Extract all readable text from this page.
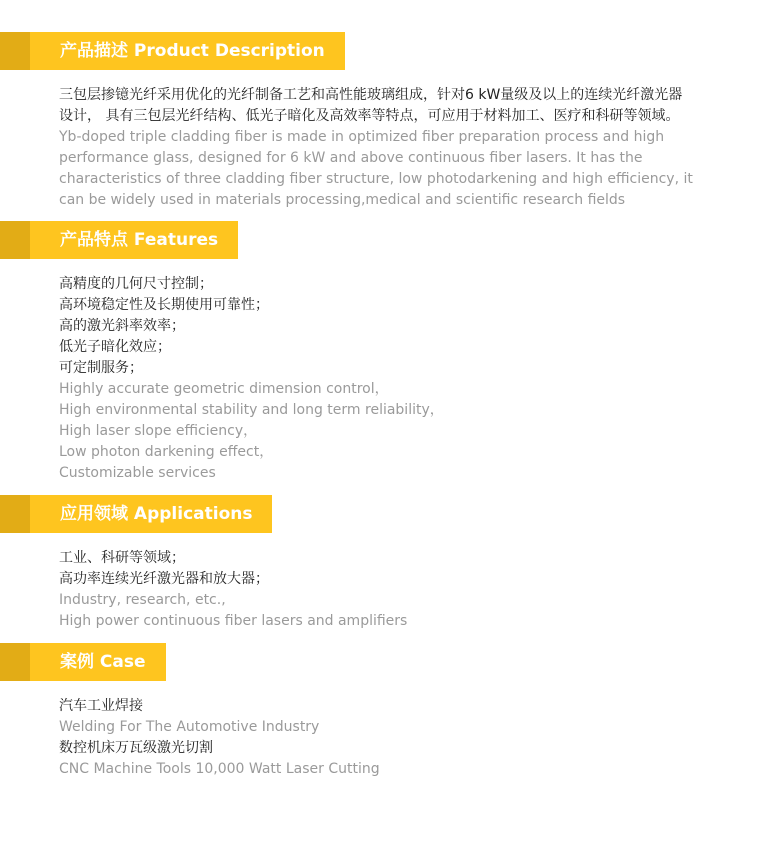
产品描述 Product Description
三包层掺镱光纤采用优化的光纤制备工艺和高性能玻璃组成，针对6 kW量级及以上的连续光纤激光器
设计， 具有三包层光纤结构、低光子暗化及高效率等特点，可应用于材料加工、医疗和科研等领域。
Yb-doped triple cladding fiber is made in optimized fiber preparation process and high
performance glass, designed for 6 kW and above continuous fiber lasers. It has the
characteristics of three cladding fiber structure, low photodarkening and high efficiency, it
can be widely used in materials processing,medical and scientific research fields
产品特点 Features
高精度的几何尺寸控制；
高环境稳定性及长期使用可靠性；
高的激光斜率效率；
低光子暗化效应；
可定制服务；
Highly accurate geometric dimension control，
High environmental stability and long term reliability，
High laser slope efficiency，
Low photon darkening effect，
Customizable services
应用领域 Applications
工业、科研等领域；
高功率连续光纤激光器和放大器；
Industry, research, etc.,
High power continuous fiber lasers and amplifiers
案例 Case
汽车工业焊接
Welding For The Automotive Industry
数控机床万瓦级激光切割
CNC Machine Tools 10,000 Watt Laser Cutting
